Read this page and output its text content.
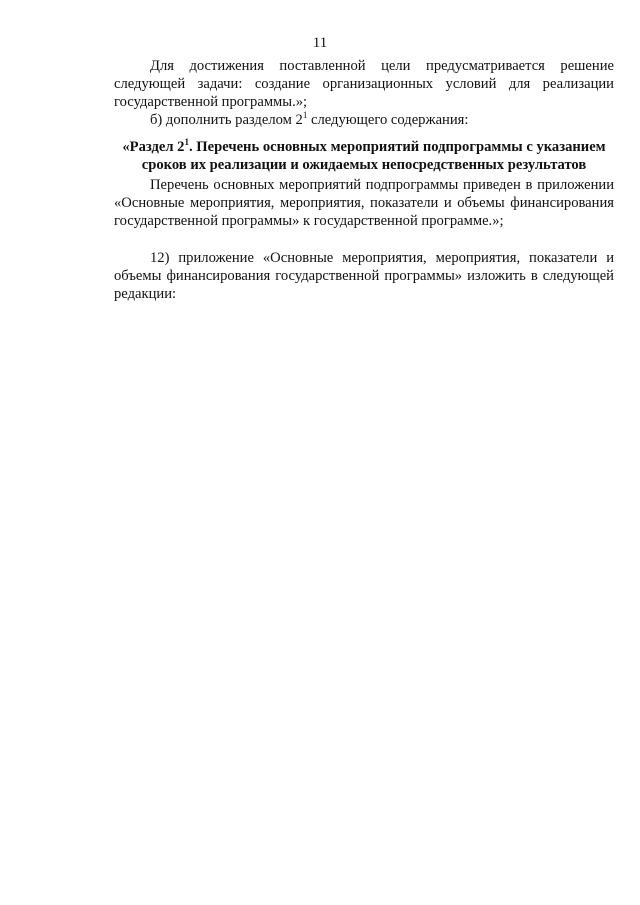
11

Для достижения поставленной цели предусматривается решение следующей задачи: создание организационных условий для реализации государственной программы.»;

б) дополнить разделом $2^1$ следующего содержания:

«Раздел $2^1$. Перечень основных мероприятий подпрограммы с указанием сроков их реализации и ожидаемых непосредственных результатов

Перечень основных мероприятий подпрограммы приведен в приложении «Основные мероприятия, мероприятия, показатели и объемы финансирования государственной программы» к государственной программе.»;

12) приложение «Основные мероприятия, мероприятия, показатели и объемы финансирования государственной программы» изложить в следующей редакции:
